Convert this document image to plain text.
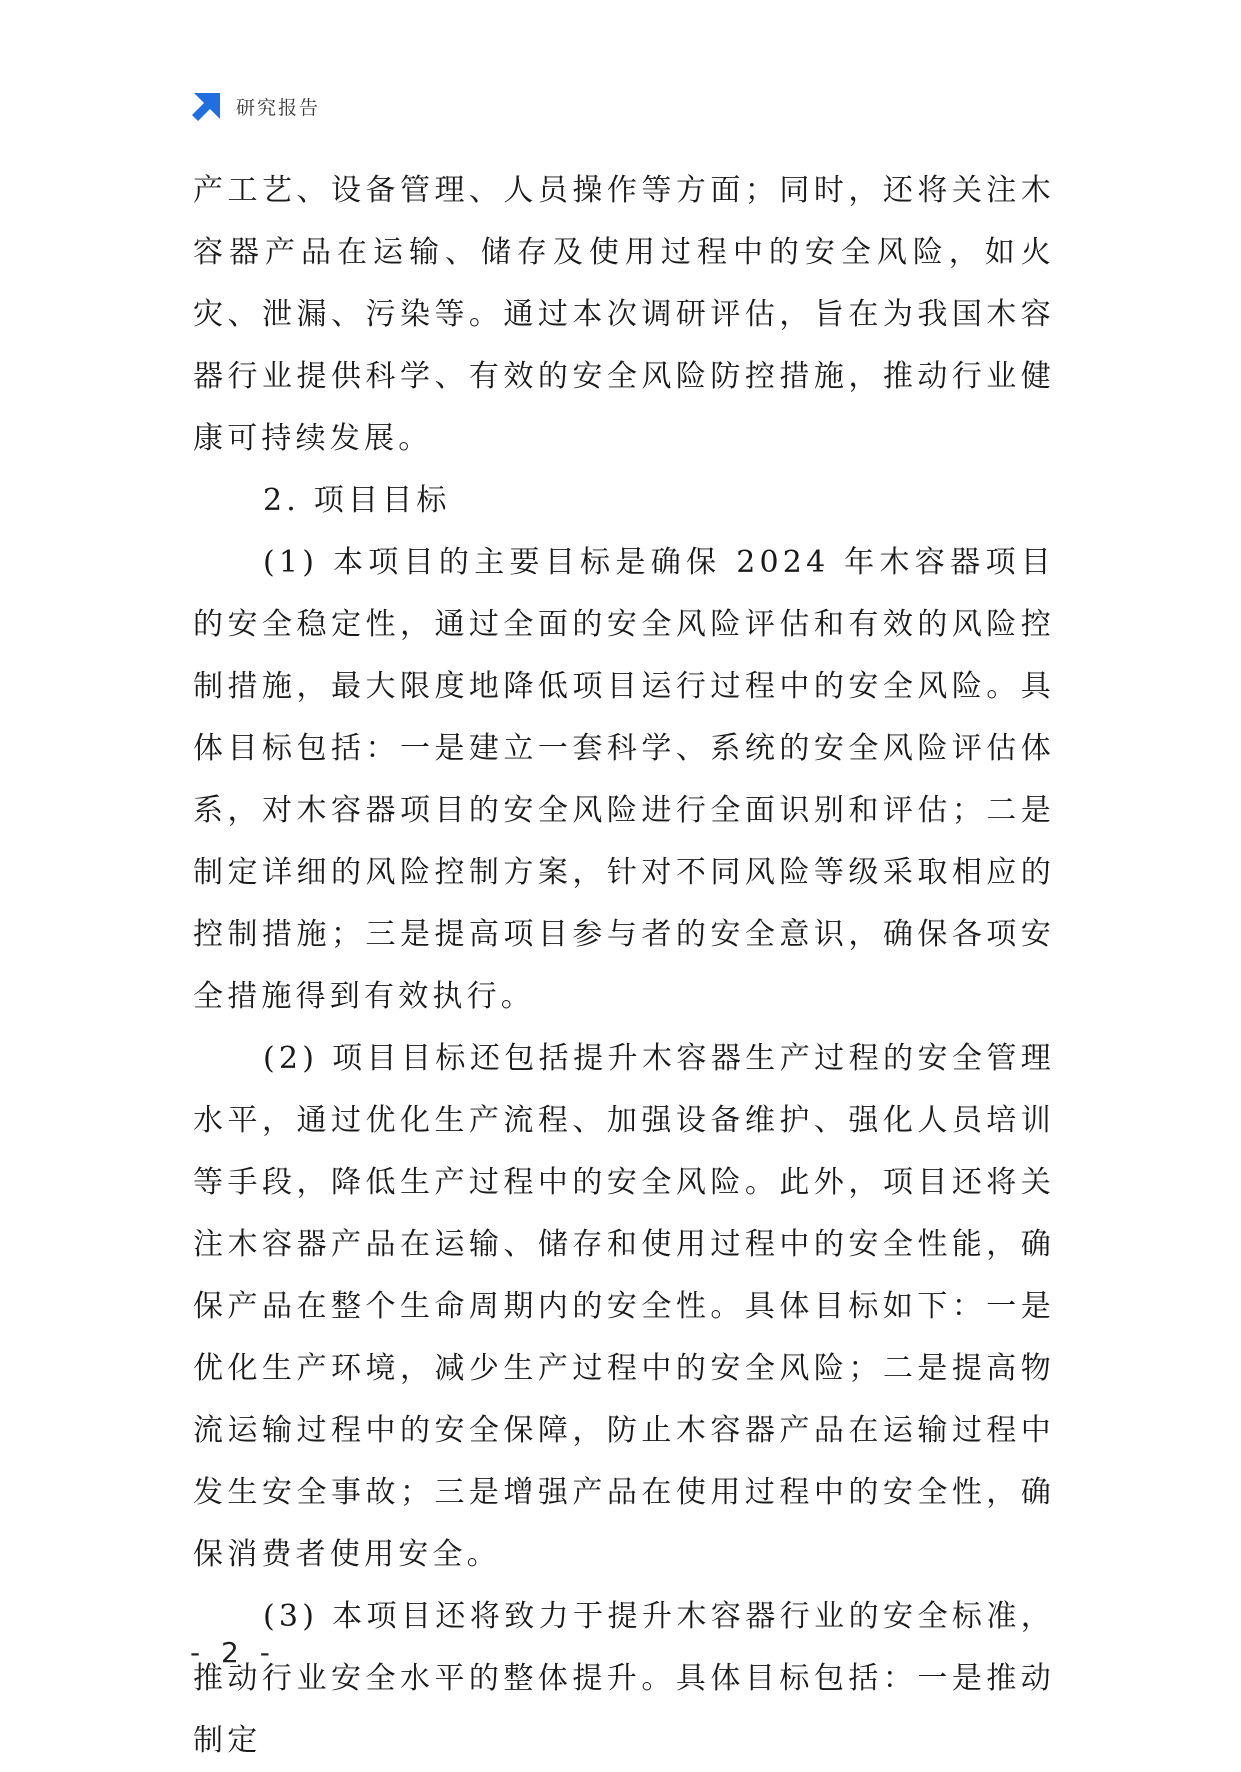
研究报告

产工艺、设备管理、人员操作等方面；同时，还将关注木容器产品在运输、储存及使用过程中的安全风险，如火灾、泄漏、污染等。通过本次调研评估，旨在为我国木容器行业提供科学、有效的安全风险防控措施，推动行业健康可持续发展。

2. 项目目标

(1) 本项目的主要目标是确保 2024 年木容器项目的安全稳定性，通过全面的安全风险评估和有效的风险控制措施，最大限度地降低项目运行过程中的安全风险。具体目标包括：一是建立一套科学、系统的安全风险评估体系，对木容器项目的安全风险进行全面识别和评估；二是制定详细的风险控制方案，针对不同风险等级采取相应的控制措施；三是提高项目参与者的安全意识，确保各项安全措施得到有效执行。

(2) 项目目标还包括提升木容器生产过程的安全管理水平，通过优化生产流程、加强设备维护、强化人员培训等手段，降低生产过程中的安全风险。此外，项目还将关注木容器产品在运输、储存和使用过程中的安全性能，确保产品在整个生命周期内的安全性。具体目标如下：一是优化生产环境，减少生产过程中的安全风险；二是提高物流运输过程中的安全保障，防止木容器产品在运输过程中发生安全事故；三是增强产品在使用过程中的安全性，确保消费者使用安全。

(3) 本项目还将致力于提升木容器行业的安全标准，推动行业安全水平的整体提升。具体目标包括：一是推动制定

- 2 -
